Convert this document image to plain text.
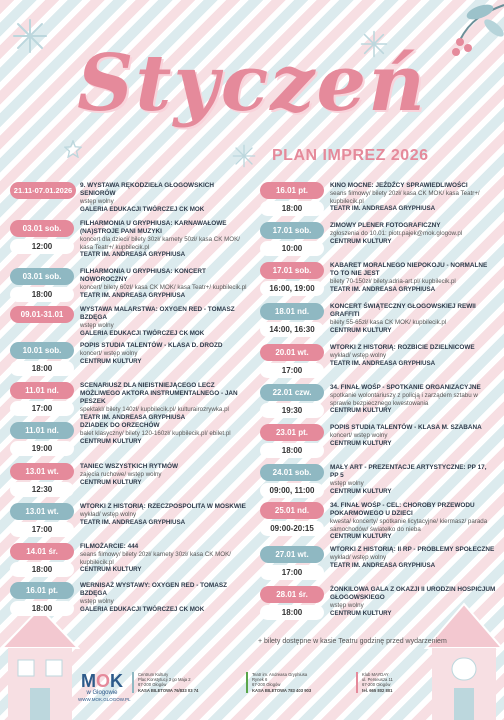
Styczeń
PLAN IMPREZ 2026
21.11-07.01.2026
9. WYSTAWA RĘKODZIEŁA GŁOGOWSKICH SENIORÓW
wstęp wolny
GALERIA EDUKACJI TWÓRCZEJ CK MOK
03.01 sob.
12:00
FILHARMONIA U GRYPHIUSA: KARNAWAŁOWE (NA)STROJE PANI MUZYKI
koncert dla dzieci/ bilety 30zł/ karnety 50zł/ kasa CK MOK/ kasa Teatr+/ kupbilecik.pl
TEATR IM. ANDREASA GRYPHIUSA
03.01 sob.
18:00
FILHARMONIA U GRYPHIUSA: KONCERT NOWOROCZNY
koncert/ bilety 60zł/ kasa CK MOK/ kasa Teatr+/ kupbilecik.pl
TEATR IM. ANDREASA GRYPHIUSA
09.01-31.01
WYSTAWA MALARSTWA: OXYGEN RED - TOMASZ BZDĘGA
wstęp wolny
GALERIA EDUKACJI TWÓRCZEJ CK MOK
10.01 sob.
18:00
POPIS STUDIA TALENTÓW - KLASA D. DROZD
koncert/ wstęp wolny
CENTRUM KULTURY
11.01 nd.
17:00
SCENARIUSZ DLA NIEISTNIEJĄCEGO LECZ MOŻLIWEGO AKTORA INSTRUMENTALNEGO - JAN PESZEK
spektakl/ bilety 140zł/ kupbilecik.pl/ kulturairozrywka.pl
TEATR IM. ANDREASA GRYPHIUSA
11.01 nd.
19:00
DZIADEK DO ORZECHÓW
balet klasyczny/ bilety 120-160zł/ kupbilecik.pl/ ebilet.pl
CENTRUM KULTURY
13.01 wt.
12:30
TANIEC WSZYSTKICH RYTMÓW
zajęcia ruchowe/ wstęp wolny
CENTRUM KULTURY
13.01 wt.
17:00
WTORKI Z HISTORIĄ: RZECZPOSPOLITA W MOSKWIE
wykład/ wstęp wolny
TEATR IM. ANDREASA GRYPHIUSA
14.01 śr.
18:00
FILMOŻARCIE: 444
seans filmowy/ bilety 20zł/ karnety 30zł/ kasa CK MOK/ kupbilecik.pl
CENTRUM KULTURY
16.01 pt.
18:00
WERNISAŻ WYSTAWY: OXYGEN RED - TOMASZ BZDĘGA
wstęp wolny
GALERIA EDUKACJI TWÓRCZEJ CK MOK
16.01 pt.
18:00
KINO MOCNE: JEŹDŹCY SPRAWIEDLIWOŚCI
seans filmowy/ bilety 20zł/ kasa CK MOK/ kasa Teatr+/ kupbilecik.pl
TEATR IM. ANDREASA GRYPHIUSA
17.01 sob.
10:00
ZIMOWY PLENER FOTOGRAFICZNY
zgłoszenia do 10.01: piotr.pajek@mok.glogow.pl
CENTRUM KULTURY
17.01 sob.
16:00, 19:00
KABARET MORALNEGO NIEPOKOJU - NORMALNE TO TO NIE JEST
bilety 70-150zł/ bilety.adria-art.pl/ kupbilecik.pl
TEATR IM. ANDREASA GRYPHIUSA
18.01 nd.
14:00, 16:30
KONCERT ŚWIĄTECZNY GŁOGOWSKIEJ REWII GRAFFITI
bilety 55-65zł/ kasa CK MOK/ kupbilecik.pl
CENTRUM KULTURY
20.01 wt.
17:00
WTORKI Z HISTORIĄ: ROZBICIE DZIELNICOWE
wykład/ wstęp wolny
TEATR IM. ANDREASA GRYPHIUSA
22.01 czw.
19:30
34. FINAŁ WOŚP - SPOTKANIE ORGANIZACYJNE
spotkanie wolontariuszy z policją i zarządem sztabu w sprawie bezpiecznego kwestowania
CENTRUM KULTURY
23.01 pt.
18:00
POPIS STUDIA TALENTÓW - KLASA M. SZABANA
koncert/ wstęp wolny
CENTRUM KULTURY
24.01 sob.
09:00, 11:00
MAŁY ART - PREZENTACJE ARTYSTYCZNE: PP 17, PP 5
wstęp wolny
CENTRUM KULTURY
25.01 nd.
09:00-20:15
34. FINAŁ WOŚP - CEL: CHOROBY PRZEWODU POKARMOWEGO U DZIECI
kwesta/ koncerty/ spotkanie licytacyjne/ kiermasz/ parada samochodów/ światełko do nieba
CENTRUM KULTURY
27.01 wt.
17:00
WTORKI Z HISTORIĄ: II RP - PROBLEMY SPOŁECZNE
wykład/ wstęp wolny
TEATR IM. ANDREASA GRYPHIUSA
28.01 śr.
18:00
ŻONKILOWA GALA Z OKAZJI II URODZIN HOSPICJUM GŁOGOWSKIEGO
wstęp wolny
CENTRUM KULTURY
+ bilety dostępne w kasie Teatru godzinę przed wydarzeniem
MOK
w Głogowie
WWW.MOK.GLOGOW.PL
Centrum Kultury
Plac Konstytucji 3 go Maja 2
67-200 Głogów
KASA BILETOWA 76/833 03 74
Teatr im. Andreasa Gryphiusa
Rynek 6
67-200 Głogów
KASA BILETOWA 783 403 903
Klub MAYDAY
ul. Perseusza 11
67-200 Głogów
tel. 665 802 801
